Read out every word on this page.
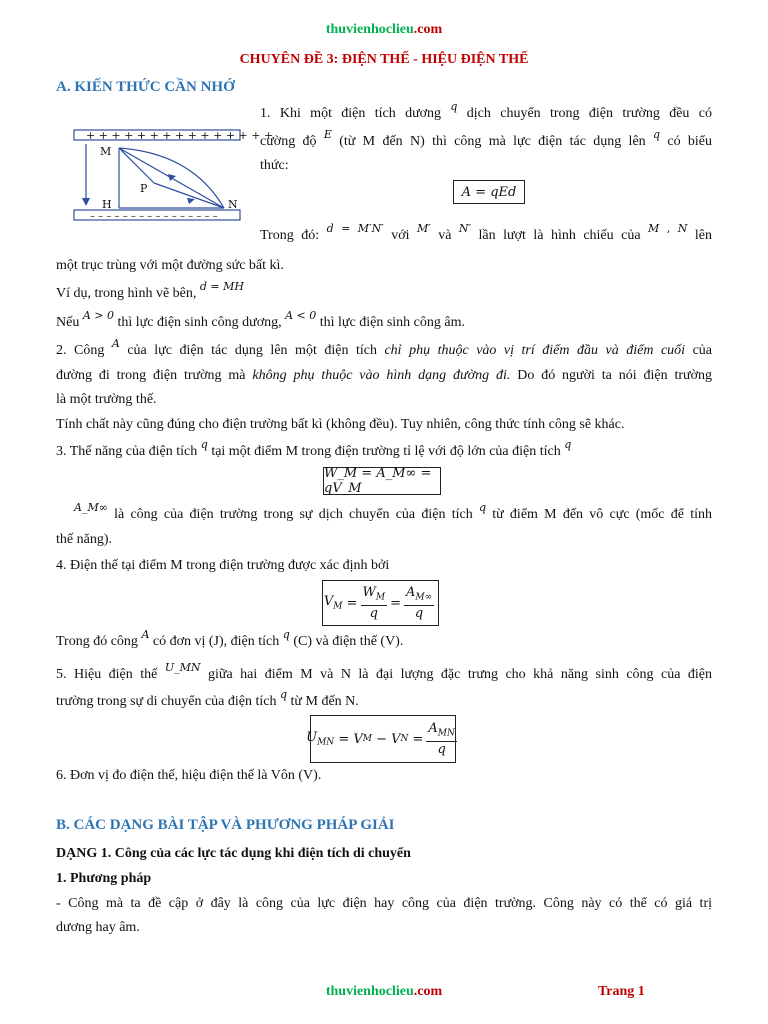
thuvienhoclieu.com
CHUYÊN ĐỀ 3: ĐIỆN THẾ - HIỆU ĐIỆN THẾ
A. KIẾN THỨC CẦN NHỚ
+ + + + + + + + + + + + + + +
– – – – – – – – – – – – – – – –
M
P
H	N
1. Khi một điện tích dương $^q$ dịch chuyển trong điện trường đều có
cường độ $^E$ (từ M đến N) thì công mà lực điện tác dụng lên $^q$ có biểu
thức:
A = qEd
Trong đó: $^{d = M'N'}$ với $^{M'}$ và $^{N'}$ lần lượt là hình chiếu của $^{M , N}$ lên
một trục trùng với một đường sức bất kì.
Ví dụ, trong hình vẽ bên, $^{d = MH}$
Nếu $^{A > 0}$ thì lực điện sinh công dương, $^{A < 0}$ thì lực điện sinh công âm.
2. Công $^A$ của lực điện tác dụng lên một điện tích chỉ phụ thuộc vào vị trí điểm đầu và điểm cuối của
đường đi trong điện trường mà không phụ thuộc vào hình dạng đường đi. Do đó người ta nói điện trường
là một trường thế.
Tính chất này cũng đúng cho điện trường bất kì (không đều). Tuy nhiên, công thức tính công sẽ khác.
3. Thế năng của điện tích $^q$ tại một điểm M trong điện trường tỉ lệ với độ lớn của điện tích $^q$
W_M = A_M∞ = qV_M
$^{A\_M\infty}$ là công của điện trường trong sự dịch chuyển của điện tích $^q$ từ điểm M đến vô cực (mốc để tính
thế năng).
4. Điện thế tại điểm M trong điện trường được xác định bởi
$V_M = \frac{W_M}{q} = \frac{A_{M\infty}}{q}$
Trong đó công $^A$ có đơn vị (J), điện tích $^q$ (C) và điện thế (V).
5. Hiệu điện thế $^{U\_MN}$ giữa hai điểm M và N là đại lượng đặc trưng cho khả năng sinh công của điện
trường trong sự di chuyển của điện tích $^q$ từ M đến N.
$U_{MN} = V$ M − V $N = \frac{A_{MN}}{q}$
6. Đơn vị đo điện thế, hiệu điện thế là Vôn (V).
B. CÁC DẠNG BÀI TẬP VÀ PHƯƠNG PHÁP GIẢI
DẠNG 1. Công của các lực tác dụng khi điện tích di chuyển
1. Phương pháp
- Công mà ta đề cập ở đây là công của lực điện hay công của điện trường. Công này có thể có giá trị
dương hay âm.
thuvienhoclieu.com	Trang 1
